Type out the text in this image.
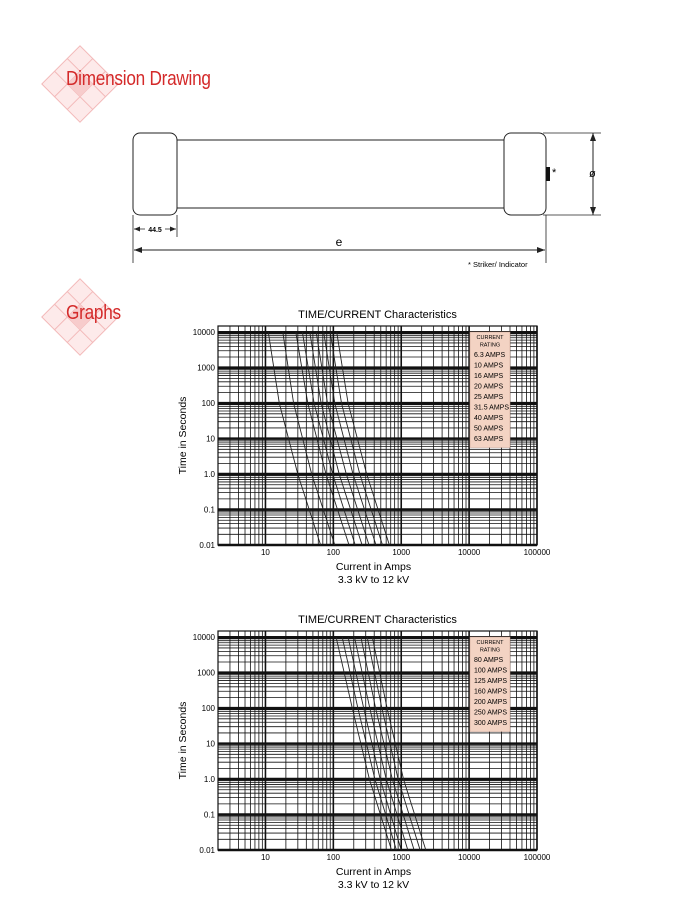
Dimension Drawing
*	ø
44.5
e
* Striker/ Indicator
Graphs	TIME/CURRENT Characteristics
10	100	1000	10000	100000
0.01
0.1
1.0
10
100
1000
10000
Current in Amps
3.3 kV to 12 kV
Time in Seconds
CURRENT
RATING
6.3 AMPS
10 AMPS
16 AMPS
20 AMPS
25 AMPS
31.5 AMPS
40 AMPS
50 AMPS
63 AMPS
TIME/CURRENT Characteristics
10	100	1000	10000	100000
0.01
0.1
1.0
10
100
1000
10000
Current in Amps
3.3 kV to 12 kV
Time in Seconds
CURRENT
RATING
80 AMPS
100 AMPS
125 AMPS
160 AMPS
200 AMPS
250 AMPS
300 AMPS
